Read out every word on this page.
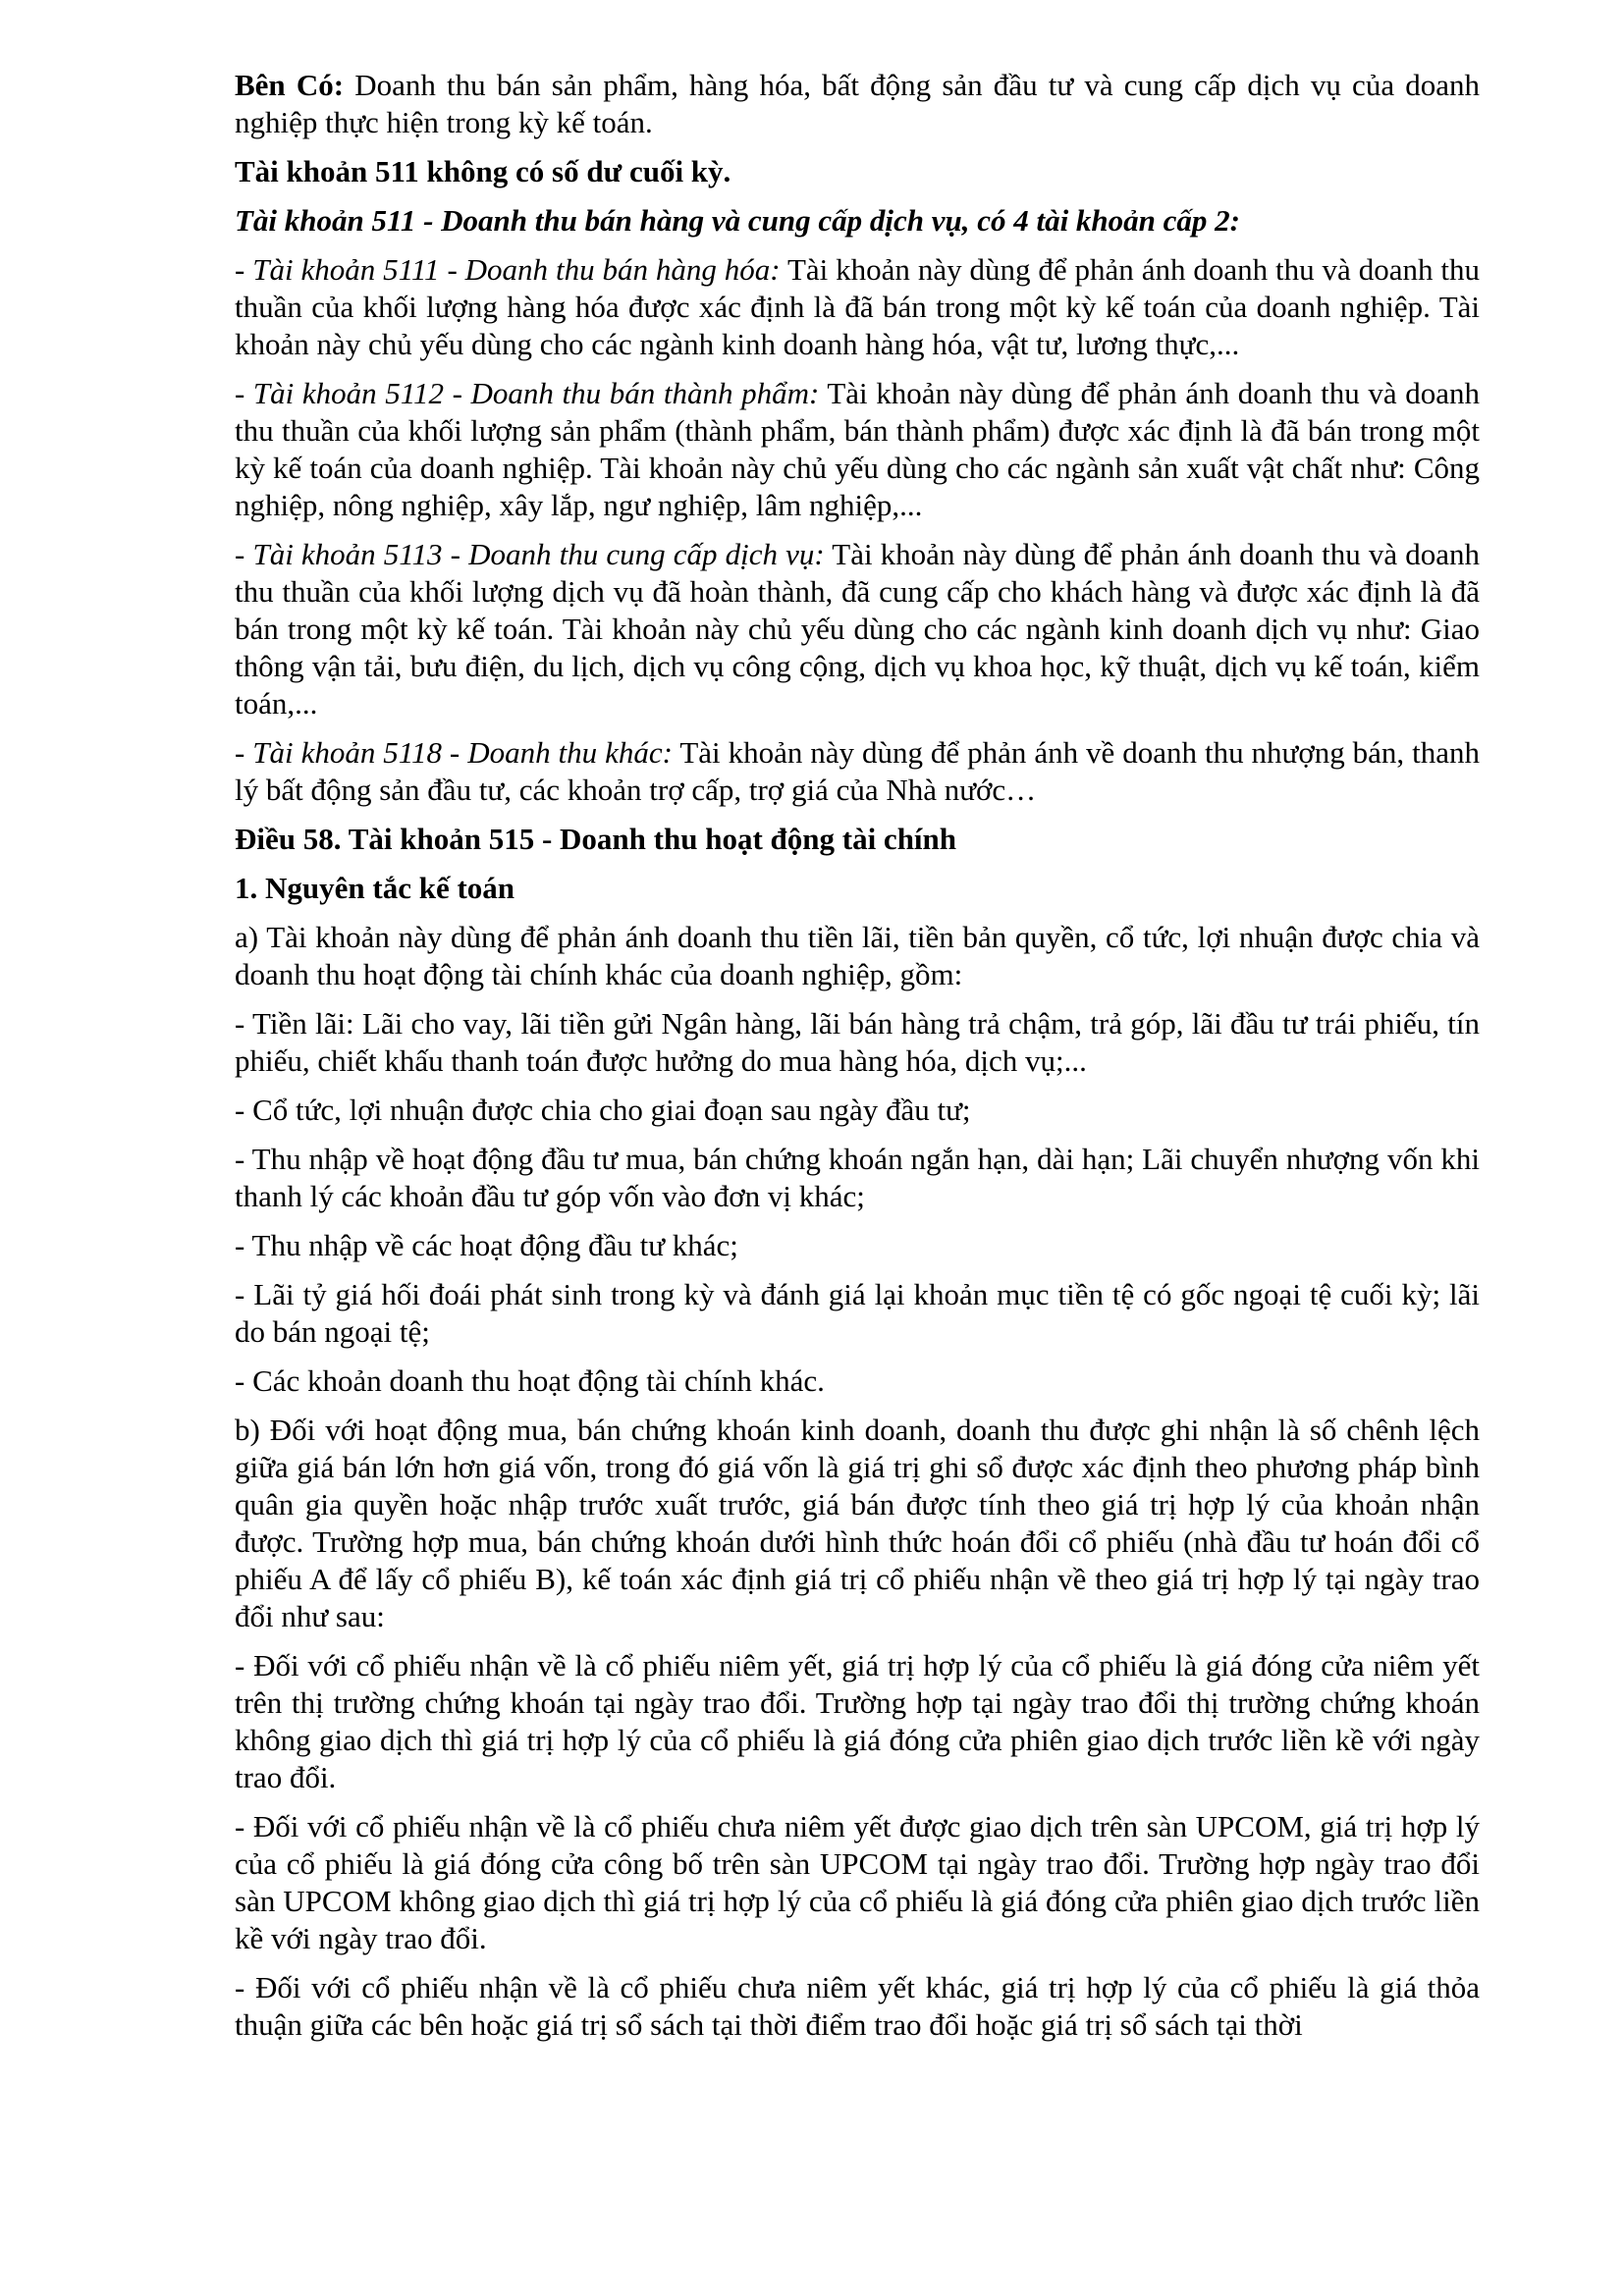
Bên Có: Doanh thu bán sản phẩm, hàng hóa, bất động sản đầu tư và cung cấp dịch vụ của doanh nghiệp thực hiện trong kỳ kế toán.

Tài khoản 511 không có số dư cuối kỳ.

Tài khoản 511 - Doanh thu bán hàng và cung cấp dịch vụ, có 4 tài khoản cấp 2:

- Tài khoản 5111 - Doanh thu bán hàng hóa: Tài khoản này dùng để phản ánh doanh thu và doanh thu thuần của khối lượng hàng hóa được xác định là đã bán trong một kỳ kế toán của doanh nghiệp. Tài khoản này chủ yếu dùng cho các ngành kinh doanh hàng hóa, vật tư, lương thực,...

- Tài khoản 5112 - Doanh thu bán thành phẩm: Tài khoản này dùng để phản ánh doanh thu và doanh thu thuần của khối lượng sản phẩm (thành phẩm, bán thành phẩm) được xác định là đã bán trong một kỳ kế toán của doanh nghiệp. Tài khoản này chủ yếu dùng cho các ngành sản xuất vật chất như: Công nghiệp, nông nghiệp, xây lắp, ngư nghiệp, lâm nghiệp,...

- Tài khoản 5113 - Doanh thu cung cấp dịch vụ: Tài khoản này dùng để phản ánh doanh thu và doanh thu thuần của khối lượng dịch vụ đã hoàn thành, đã cung cấp cho khách hàng và được xác định là đã bán trong một kỳ kế toán. Tài khoản này chủ yếu dùng cho các ngành kinh doanh dịch vụ như: Giao thông vận tải, bưu điện, du lịch, dịch vụ công cộng, dịch vụ khoa học, kỹ thuật, dịch vụ kế toán, kiểm toán,...

- Tài khoản 5118 - Doanh thu khác: Tài khoản này dùng để phản ánh về doanh thu nhượng bán, thanh lý bất động sản đầu tư, các khoản trợ cấp, trợ giá của Nhà nước…

Điều 58. Tài khoản 515 - Doanh thu hoạt động tài chính

1. Nguyên tắc kế toán

a) Tài khoản này dùng để phản ánh doanh thu tiền lãi, tiền bản quyền, cổ tức, lợi nhuận được chia và doanh thu hoạt động tài chính khác của doanh nghiệp, gồm:

- Tiền lãi: Lãi cho vay, lãi tiền gửi Ngân hàng, lãi bán hàng trả chậm, trả góp, lãi đầu tư trái phiếu, tín phiếu, chiết khấu thanh toán được hưởng do mua hàng hóa, dịch vụ;...

- Cổ tức, lợi nhuận được chia cho giai đoạn sau ngày đầu tư;

- Thu nhập về hoạt động đầu tư mua, bán chứng khoán ngắn hạn, dài hạn; Lãi chuyển nhượng vốn khi thanh lý các khoản đầu tư góp vốn vào đơn vị khác;

- Thu nhập về các hoạt động đầu tư khác;

- Lãi tỷ giá hối đoái phát sinh trong kỳ và đánh giá lại khoản mục tiền tệ có gốc ngoại tệ cuối kỳ; lãi do bán ngoại tệ;

- Các khoản doanh thu hoạt động tài chính khác.

b) Đối với hoạt động mua, bán chứng khoán kinh doanh, doanh thu được ghi nhận là số chênh lệch giữa giá bán lớn hơn giá vốn, trong đó giá vốn là giá trị ghi sổ được xác định theo phương pháp bình quân gia quyền hoặc nhập trước xuất trước, giá bán được tính theo giá trị hợp lý của khoản nhận được. Trường hợp mua, bán chứng khoán dưới hình thức hoán đổi cổ phiếu (nhà đầu tư hoán đổi cổ phiếu A để lấy cổ phiếu B), kế toán xác định giá trị cổ phiếu nhận về theo giá trị hợp lý tại ngày trao đổi như sau:

- Đối với cổ phiếu nhận về là cổ phiếu niêm yết, giá trị hợp lý của cổ phiếu là giá đóng cửa niêm yết trên thị trường chứng khoán tại ngày trao đổi. Trường hợp tại ngày trao đổi thị trường chứng khoán không giao dịch thì giá trị hợp lý của cổ phiếu là giá đóng cửa phiên giao dịch trước liền kề với ngày trao đổi.

- Đối với cổ phiếu nhận về là cổ phiếu chưa niêm yết được giao dịch trên sàn UPCOM, giá trị hợp lý của cổ phiếu là giá đóng cửa công bố trên sàn UPCOM tại ngày trao đổi. Trường hợp ngày trao đổi sàn UPCOM không giao dịch thì giá trị hợp lý của cổ phiếu là giá đóng cửa phiên giao dịch trước liền kề với ngày trao đổi.

- Đối với cổ phiếu nhận về là cổ phiếu chưa niêm yết khác, giá trị hợp lý của cổ phiếu là giá thỏa thuận giữa các bên hoặc giá trị sổ sách tại thời điểm trao đổi hoặc giá trị sổ sách tại thời
